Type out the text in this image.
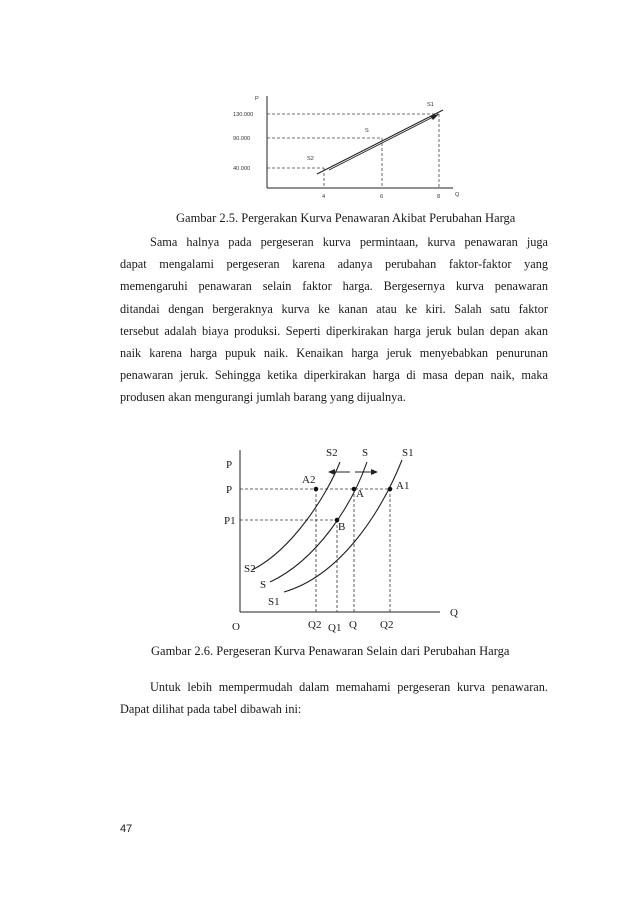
P
Q
130.000
90.000
40.000
4	6	8
S1
S
S2
Gambar 2.5. Pergerakan Kurva Penawaran Akibat Perubahan Harga
Sama halnya pada pergeseran kurva permintaan, kurva penawaran juga
dapat mengalami pergeseran karena adanya perubahan faktor-faktor yang
memengaruhi penawaran selain faktor harga. Bergesernya kurva penawaran
ditandai dengan bergeraknya kurva ke kanan atau ke kiri. Salah satu faktor
tersebut adalah biaya produksi. Seperti diperkirakan harga jeruk bulan depan akan
naik karena harga pupuk naik. Kenaikan harga jeruk menyebabkan penurunan
penawaran jeruk. Sehingga ketika diperkirakan harga di masa depan naik, maka
produsen akan mengurangi jumlah barang yang dijualnya.
P
Q
O
S2 S	S1
S2
S
S1
A2
A
A1
B
P
P1
Q2 Q1 Q Q2
Gambar 2.6. Pergeseran Kurva Penawaran Selain dari Perubahan Harga
Untuk lebih mempermudah dalam memahami pergeseran kurva penawaran.
Dapat dilihat pada tabel dibawah ini:
47
